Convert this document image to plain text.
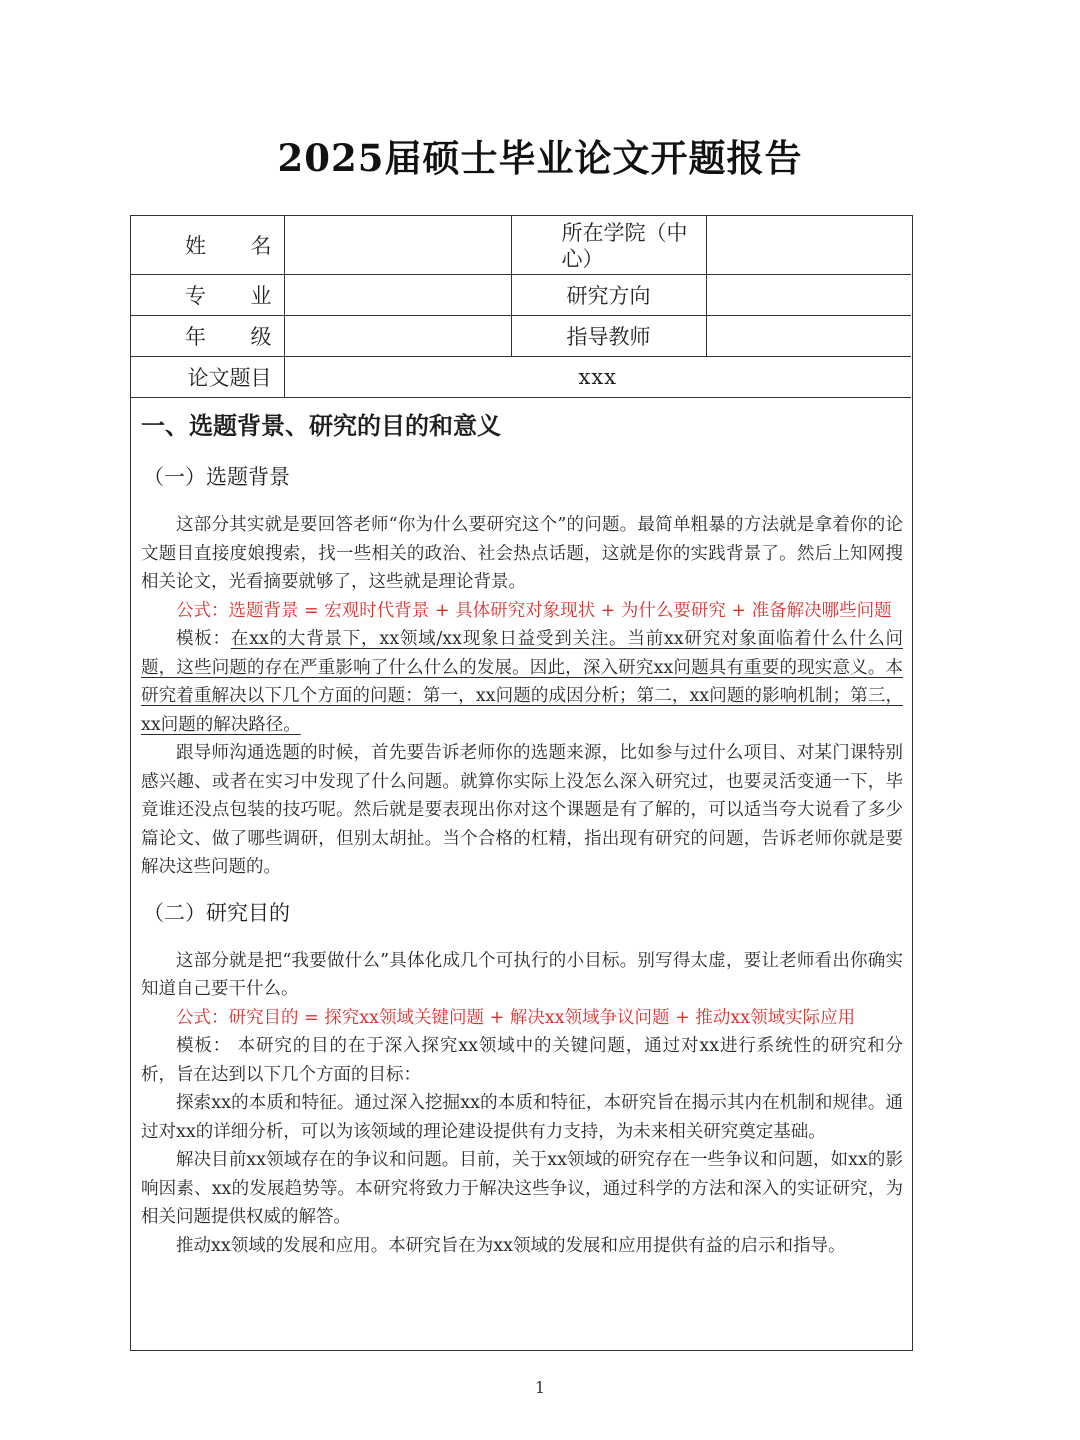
2025届硕士毕业论文开题报告
姓 名		所在学院（中心）	

专 业		研究方向	

年 级		指导教师	
论文题目	xxx		
一、选题背景、研究的目的和意义
（一）选题背景

这部分其实就是要回答老师“你为什么要研究这个”的问题。最简单粗暴的方法就是拿着你的论文题目直接度娘搜索，找一些相关的政治、社会热点话题，这就是你的实践背景了。然后上知网搜相关论文，光看摘要就够了，这些就是理论背景。

公式：选题背景 = 宏观时代背景 + 具体研究对象现状 + 为什么要研究 + 准备解决哪些问题

模板：在xx的大背景下，xx领域/xx现象日益受到关注。当前xx研究对象面临着什么什么问题，这些问题的存在严重影响了什么什么的发展。因此，深入研究xx问题具有重要的现实意义。本研究着重解决以下几个方面的问题：第一，xx问题的成因分析；第二，xx问题的影响机制；第三，xx问题的解决路径。

跟导师沟通选题的时候，首先要告诉老师你的选题来源，比如参与过什么项目、对某门课特别感兴趣、或者在实习中发现了什么问题。就算你实际上没怎么深入研究过，也要灵活变通一下，毕竟谁还没点包装的技巧呢。然后就是要表现出你对这个课题是有了解的，可以适当夸大说看了多少篇论文、做了哪些调研，但别太胡扯。当个合格的杠精，指出现有研究的问题，告诉老师你就是要解决这些问题的。

（二）研究目的

这部分就是把“我要做什么”具体化成几个可执行的小目标。别写得太虚，要让老师看出你确实知道自己要干什么。

公式：研究目的 = 探究xx领域关键问题 + 解决xx领域争议问题 + 推动xx领域实际应用

模板： 本研究的目的在于深入探究xx领域中的关键问题，通过对xx进行系统性的研究和分析，旨在达到以下几个方面的目标：

探索xx的本质和特征。通过深入挖掘xx的本质和特征，本研究旨在揭示其内在机制和规律。通过对xx的详细分析，可以为该领域的理论建设提供有力支持，为未来相关研究奠定基础。

解决目前xx领域存在的争议和问题。目前，关于xx领域的研究存在一些争议和问题，如xx的影响因素、xx的发展趋势等。本研究将致力于解决这些争议，通过科学的方法和深入的实证研究，为相关问题提供权威的解答。

推动xx领域的发展和应用。本研究旨在为xx领域的发展和应用提供有益的启示和指导。

1
